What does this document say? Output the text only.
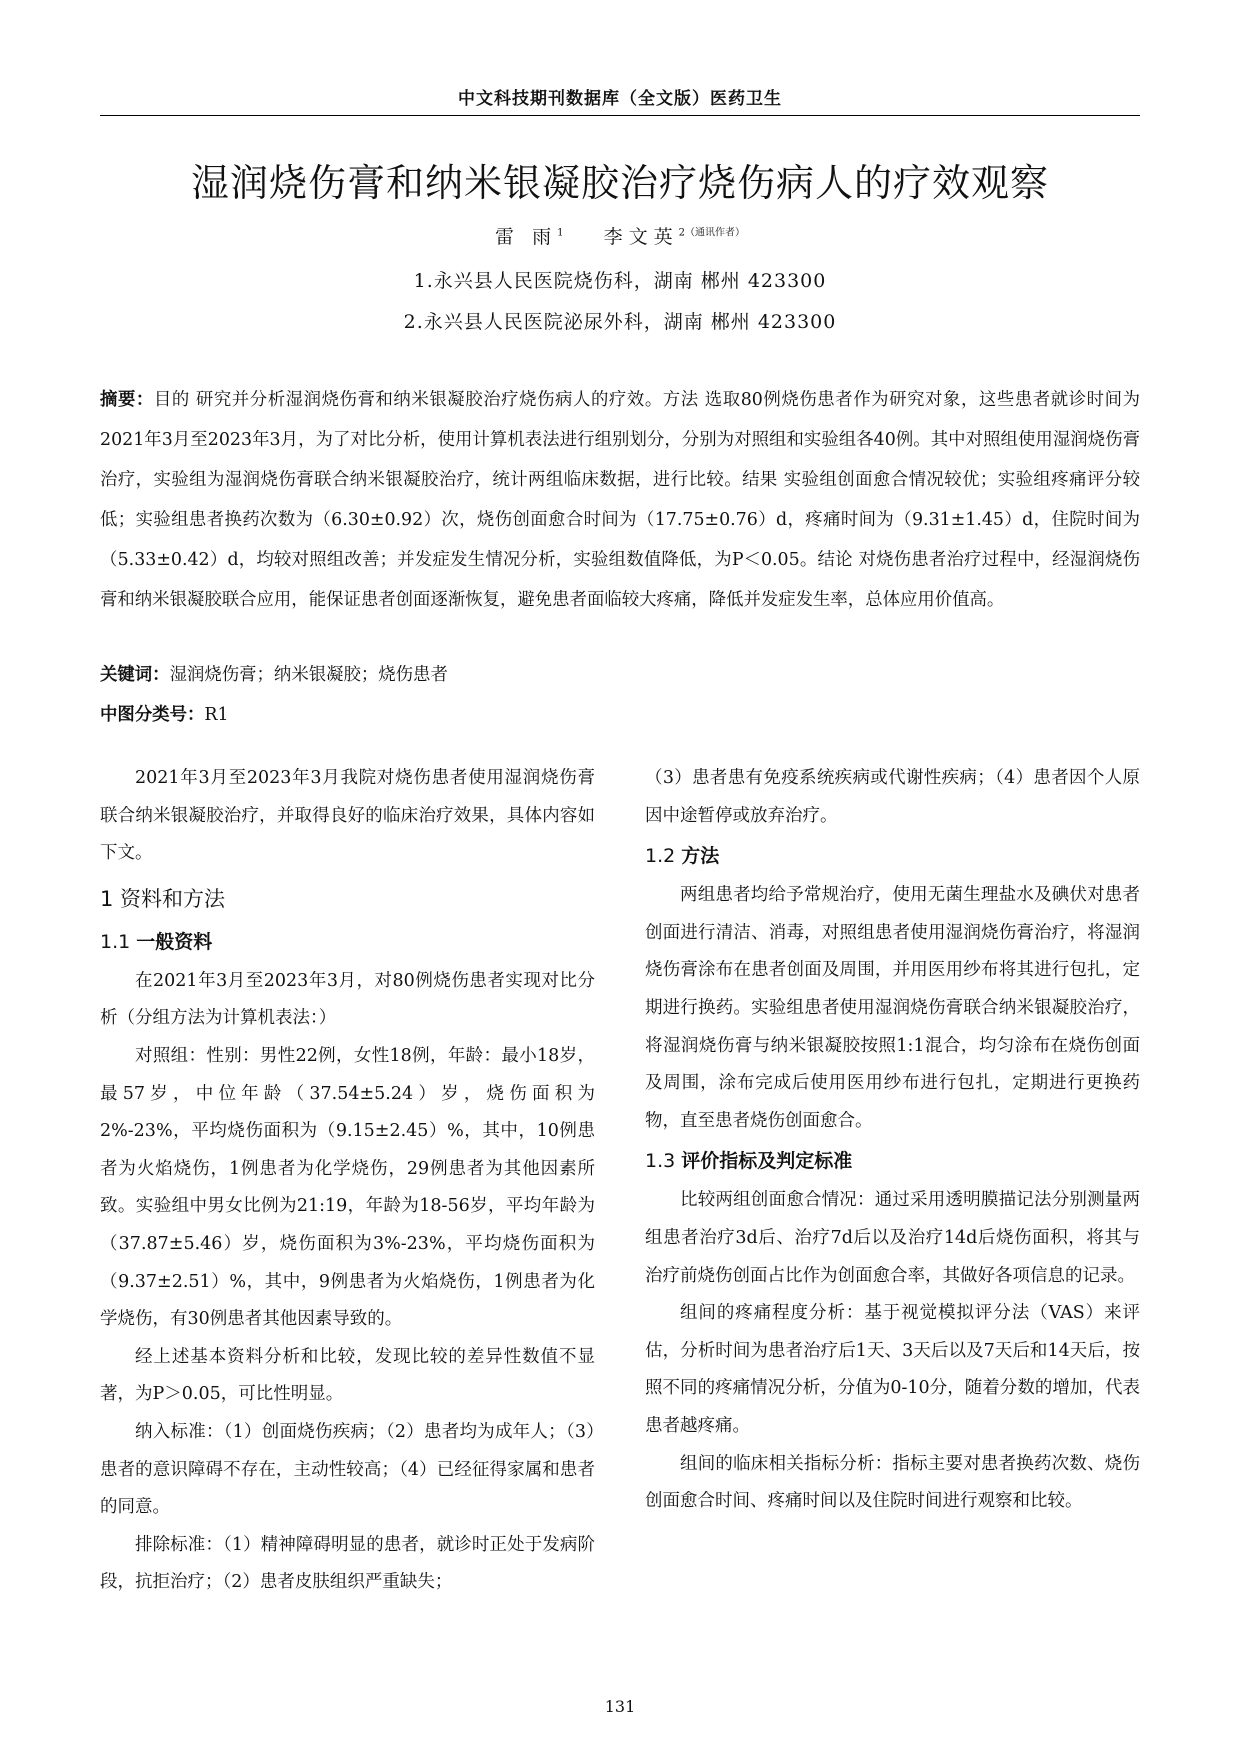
中文科技期刊数据库（全文版）医药卫生
湿润烧伤膏和纳米银凝胶治疗烧伤病人的疗效观察
雷 雨$^1$ 李文英$^{2(通讯作者)}$
1.永兴县人民医院烧伤科，湖南 郴州 423300
2.永兴县人民医院泌尿外科，湖南 郴州 423300

摘要：目的 研究并分析湿润烧伤膏和纳米银凝胶治疗烧伤病人的疗效。方法 选取80例烧伤患者作为研究对象，这些患者就诊时间为2021年3月至2023年3月，为了对比分析，使用计算机表法进行组别划分，分别为对照组和实验组各40例。其中对照组使用湿润烧伤膏治疗，实验组为湿润烧伤膏联合纳米银凝胶治疗，统计两组临床数据，进行比较。结果 实验组创面愈合情况较优；实验组疼痛评分较低；实验组患者换药次数为（6.30±0.92）次，烧伤创面愈合时间为（17.75±0.76）d，疼痛时间为（9.31±1.45）d，住院时间为（5.33±0.42）d，均较对照组改善；并发症发生情况分析，实验组数值降低，为P＜0.05。结论 对烧伤患者治疗过程中，经湿润烧伤膏和纳米银凝胶联合应用，能保证患者创面逐渐恢复，避免患者面临较大疼痛，降低并发症发生率，总体应用价值高。

关键词：湿润烧伤膏；纳米银凝胶；烧伤患者

中图分类号：R1

2021年3月至2023年3月我院对烧伤患者使用湿润烧伤膏联合纳米银凝胶治疗，并取得良好的临床治疗效果，具体内容如下文。

1 资料和方法
1.1 一般资料

在2021年3月至2023年3月，对80例烧伤患者实现对比分析（分组方法为计算机表法：）

对照组：性别：男性22例，女性18例，年龄：最小18岁，最57岁，中位年龄（37.54±5.24）岁，烧伤面积为2%-23%，平均烧伤面积为（9.15±2.45）%，其中，10例患者为火焰烧伤，1例患者为化学烧伤，29例患者为其他因素所致。实验组中男女比例为21:19，年龄为18-56岁，平均年龄为（37.87±5.46）岁，烧伤面积为3%-23%，平均烧伤面积为（9.37±2.51）%，其中，9例患者为火焰烧伤，1例患者为化学烧伤，有30例患者其他因素导致的。

经上述基本资料分析和比较，发现比较的差异性数值不显著，为P＞0.05，可比性明显。

纳入标准：（1）创面烧伤疾病；（2）患者均为成年人；（3）患者的意识障碍不存在，主动性较高；（4）已经征得家属和患者的同意。

排除标准：（1）精神障碍明显的患者，就诊时正处于发病阶段，抗拒治疗；（2）患者皮肤组织严重缺失；

（3）患者患有免疫系统疾病或代谢性疾病；（4）患者因个人原因中途暂停或放弃治疗。

1.2 方法

两组患者均给予常规治疗，使用无菌生理盐水及碘伏对患者创面进行清洁、消毒，对照组患者使用湿润烧伤膏治疗，将湿润烧伤膏涂布在患者创面及周围，并用医用纱布将其进行包扎，定期进行换药。实验组患者使用湿润烧伤膏联合纳米银凝胶治疗，将湿润烧伤膏与纳米银凝胶按照1:1混合，均匀涂布在烧伤创面及周围，涂布完成后使用医用纱布进行包扎，定期进行更换药物，直至患者烧伤创面愈合。

1.3 评价指标及判定标准

比较两组创面愈合情况：通过采用透明膜描记法分别测量两组患者治疗3d后、治疗7d后以及治疗14d后烧伤面积，将其与治疗前烧伤创面占比作为创面愈合率，其做好各项信息的记录。

组间的疼痛程度分析：基于视觉模拟评分法（VAS）来评估，分析时间为患者治疗后1天、3天后以及7天后和14天后，按照不同的疼痛情况分析，分值为0-10分，随着分数的增加，代表患者越疼痛。

组间的临床相关指标分析：指标主要对患者换药次数、烧伤创面愈合时间、疼痛时间以及住院时间进行观察和比较。

131
